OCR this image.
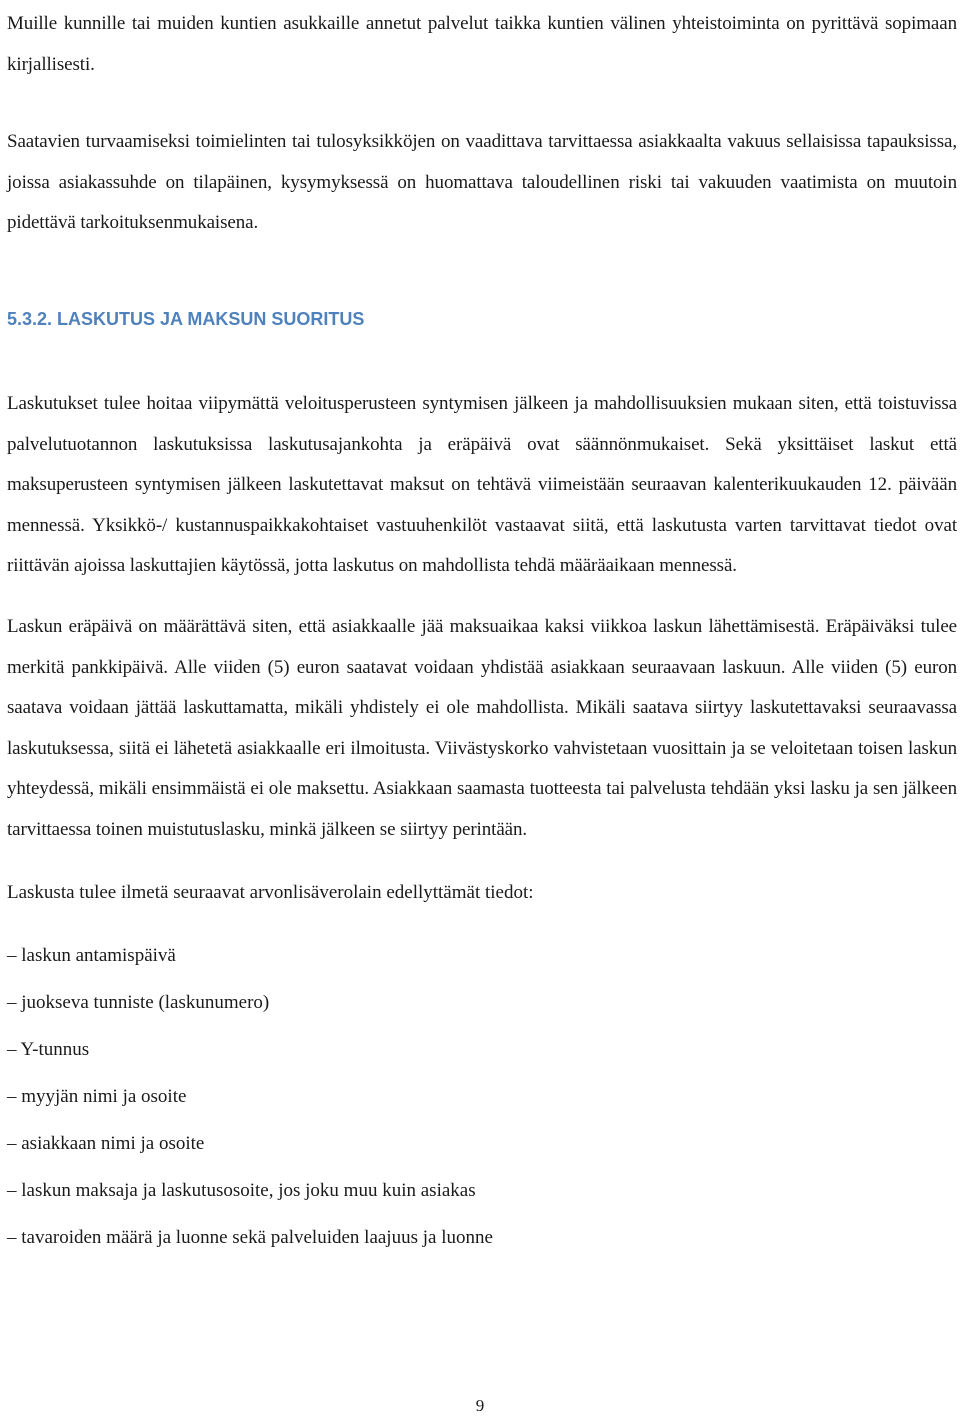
Muille kunnille tai muiden kuntien asukkaille annetut palvelut taikka kuntien välinen yhteistoiminta on pyrittävä sopimaan kirjallisesti.

Saatavien turvaamiseksi toimielinten tai tulosyksikköjen on vaadittava tarvittaessa asiakkaalta vakuus sellaisissa tapauksissa, joissa asiakassuhde on tilapäinen, kysymyksessä on huomattava taloudellinen riski tai vakuuden vaatimista on muutoin pidettävä tarkoituksenmukaisena.

5.3.2. LASKUTUS JA MAKSUN SUORITUS

Laskutukset tulee hoitaa viipymättä veloitusperusteen syntymisen jälkeen ja mahdollisuuksien mukaan siten, että toistuvissa palvelutuotannon laskutuksissa laskutusajankohta ja eräpäivä ovat säännönmukaiset. Sekä yksittäiset laskut että maksuperusteen syntymisen jälkeen laskutettavat maksut on tehtävä viimeistään seuraavan kalenterikuukauden 12. päivään mennessä. Yksikkö-/ kustannuspaikkakohtaiset vastuuhenkilöt vastaavat siitä, että laskutusta varten tarvittavat tiedot ovat riittävän ajoissa laskuttajien käytössä, jotta laskutus on mahdollista tehdä määräaikaan mennessä.

Laskun eräpäivä on määrättävä siten, että asiakkaalle jää maksuaikaa kaksi viikkoa laskun lähettämisestä. Eräpäiväksi tulee merkitä pankkipäivä. Alle viiden (5) euron saatavat voidaan yhdistää asiakkaan seuraavaan laskuun. Alle viiden (5) euron saatava voidaan jättää laskuttamatta, mikäli yhdistely ei ole mahdollista. Mikäli saatava siirtyy laskutettavaksi seuraavassa laskutuksessa, siitä ei lähetetä asiakkaalle eri ilmoitusta. Viivästyskorko vahvistetaan vuosittain ja se veloitetaan toisen laskun yhteydessä, mikäli ensimmäistä ei ole maksettu. Asiakkaan saamasta tuotteesta tai palvelusta tehdään yksi lasku ja sen jälkeen tarvittaessa toinen muistutuslasku, minkä jälkeen se siirtyy perintään.

Laskusta tulee ilmetä seuraavat arvonlisäverolain edellyttämät tiedot:

– laskun antamispäivä
– juokseva tunniste (laskunumero)
– Y-tunnus
– myyjän nimi ja osoite
– asiakkaan nimi ja osoite
– laskun maksaja ja laskutusosoite, jos joku muu kuin asiakas
– tavaroiden määrä ja luonne sekä palveluiden laajuus ja luonne
9
